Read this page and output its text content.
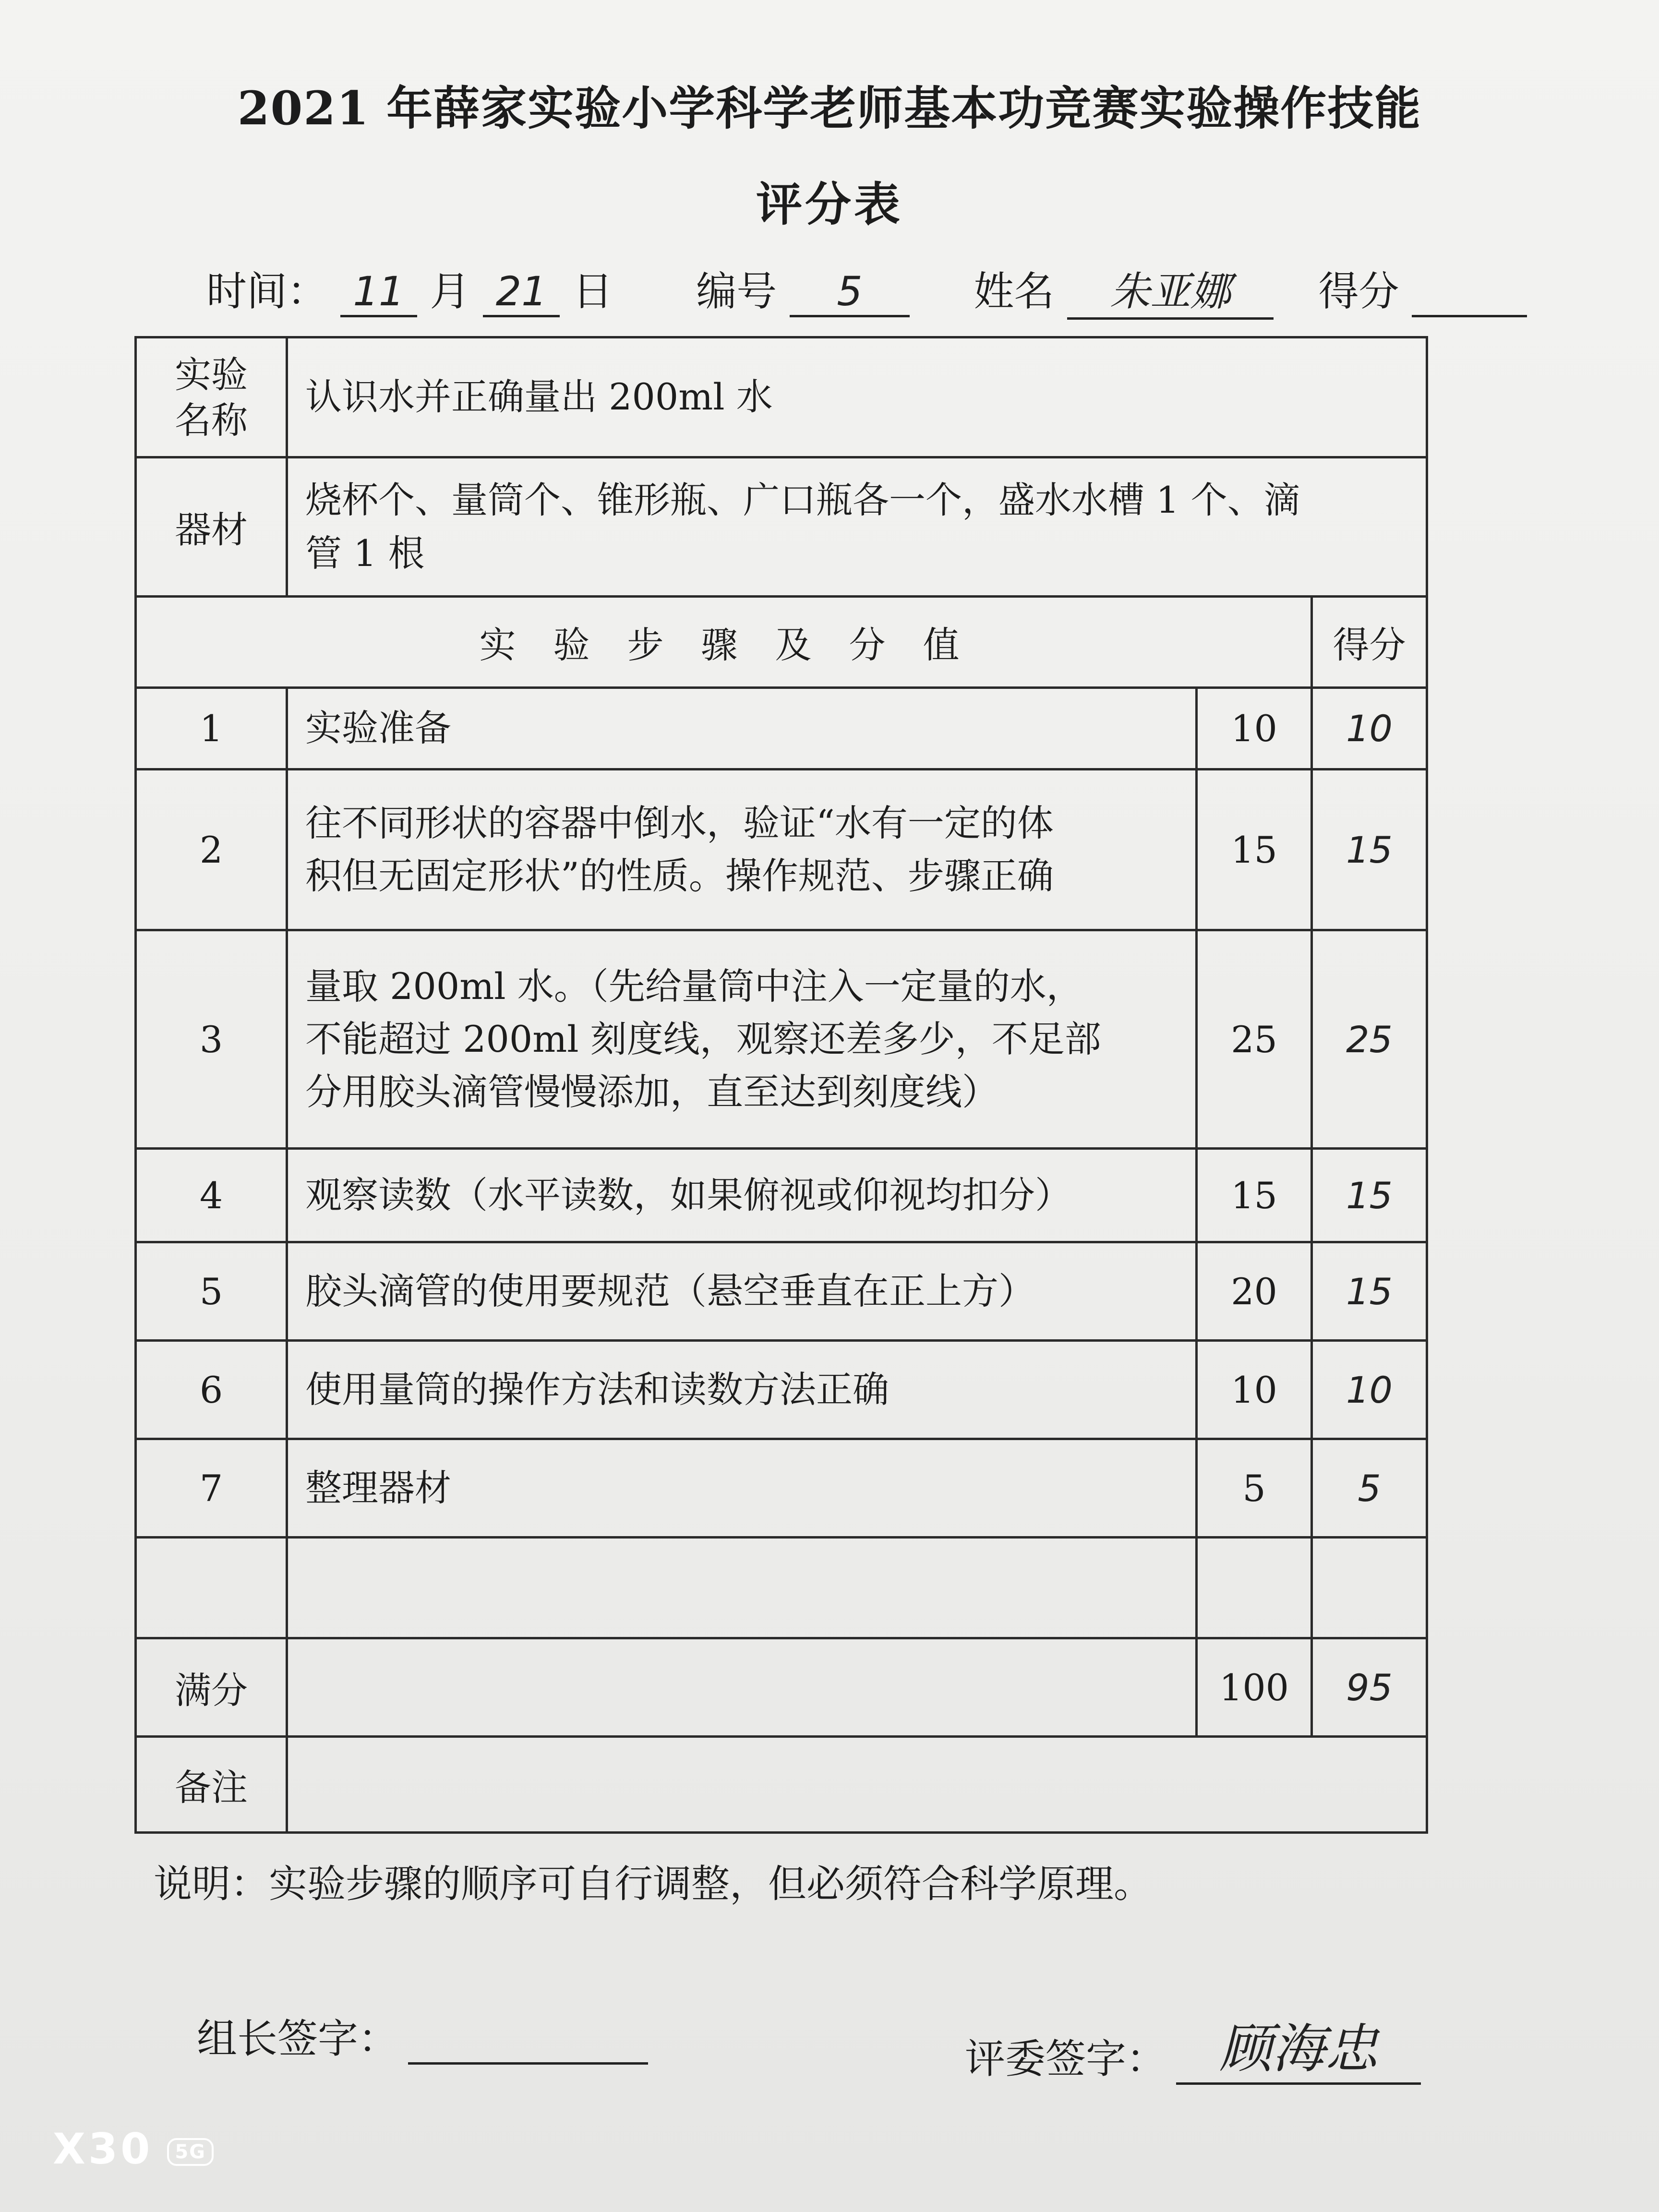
2021 年薛家实验小学科学老师基本功竞赛实验操作技能
评分表
时间： 11 月 21 日 编号 5	姓名 朱亚娜 得分
实验
名称	认识水并正确量出 200ml 水		
器材	烧杯个、量筒个、锥形瓶、广口瓶各一个，盛水水槽 1 个、滴
管 1 根		
实验步骤及分值			得分
1	实验准备	10	10
2	往不同形状的容器中倒水，验证“水有一定的体
积但无固定形状”的性质。操作规范、步骤正确	15	15
3	量取 200ml 水。（先给量筒中注入一定量的水，
不能超过 200ml 刻度线，观察还差多少，不足部
分用胶头滴管慢慢添加，直至达到刻度线）	25	25
4	观察读数（水平读数，如果俯视或仰视均扣分）	15	15
5	胶头滴管的使用要规范（悬空垂直在正上方）	20	15
6	使用量筒的操作方法和读数方法正确	10	10
7	整理器材	5	5

满分		100	95
备注			
说明：实验步骤的顺序可自行调整，但必须符合科学原理。
组长签字：	评委签字： 顾海忠
X30 5G
